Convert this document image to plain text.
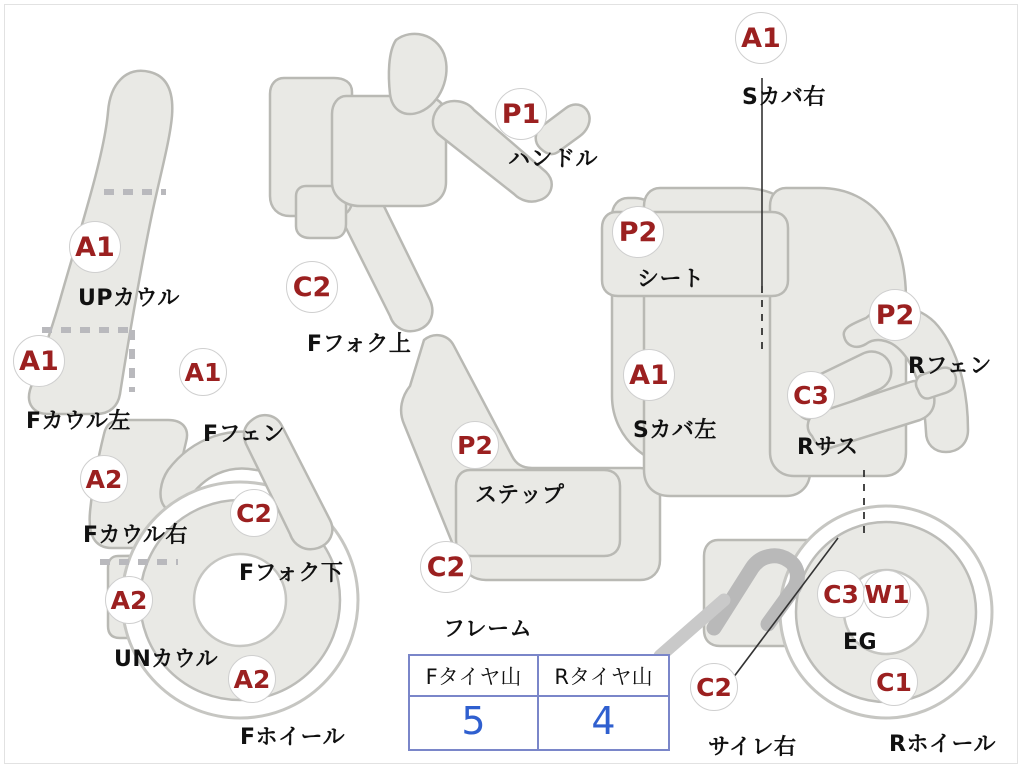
A1
Sカバ右
P1
ハンドル
P2
シート
A1
UPカウル	C2
Fフォク上
P2
Rフェン
A1
Fカウル左
A1
Fフェン
A1
Sカバ左
C3
Rサス
P2
ステップ
A2
Fカウル右
C2
Fフォク下	C2
フレーム
A2
UNカウル
C3 W1
EG
A2
Fホイール
C2
サイレ右
C1
Rホイール
Fタイヤ山	Rタイヤ山
5	4
